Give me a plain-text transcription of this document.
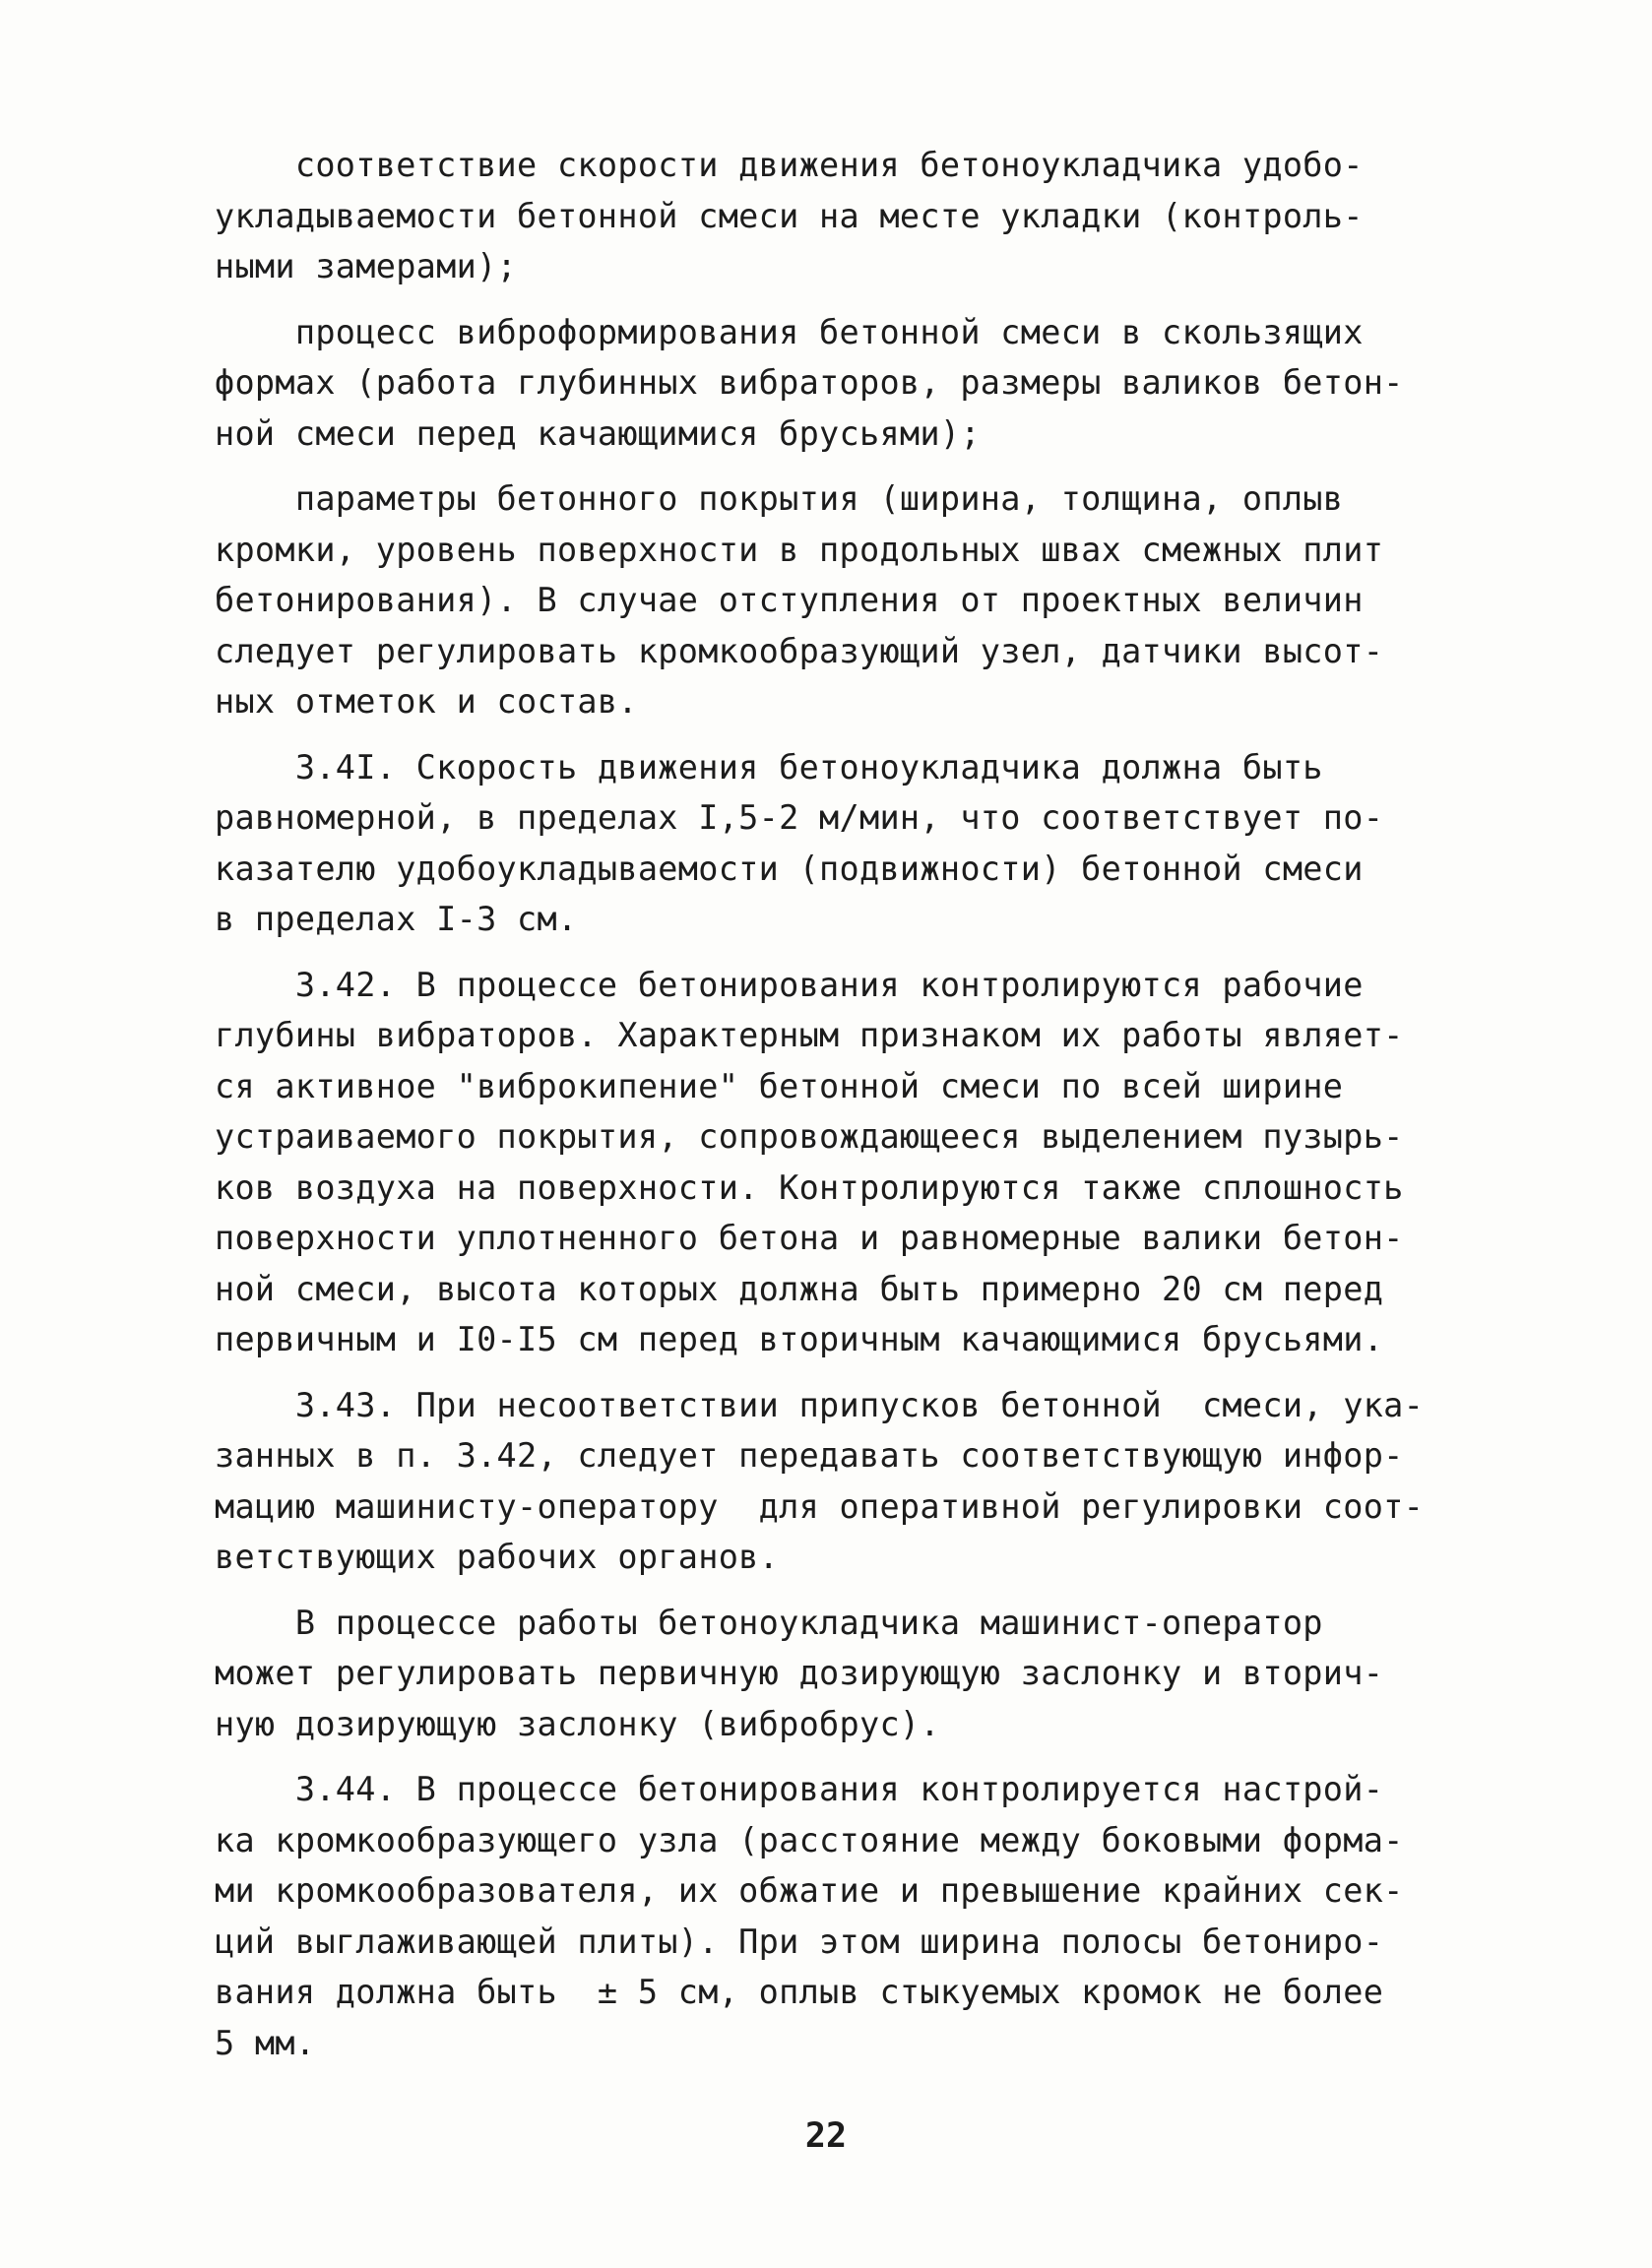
соответствие скорости движения бетоноукладчика удобо-
укладываемости бетонной смеси на месте укладки (контроль-
ными замерами);
процесс виброформирования бетонной смеси в скользящих
формах (работа глубинных вибраторов, размеры валиков бетон-
ной смеси перед качающимися брусьями);
параметры бетонного покрытия (ширина, толщина, оплыв
кромки, уровень поверхности в продольных швах смежных плит
бетонирования). В случае отступления от проектных величин
следует регулировать кромкообразующий узел, датчики высот-
ных отметок и состав.
3.4I. Скорость движения бетоноукладчика должна быть
равномерной, в пределах I,5-2 м/мин, что соответствует по-
казателю удобоукладываемости (подвижности) бетонной смеси
в пределах I-3 см.
3.42. В процессе бетонирования контролируются рабочие
глубины вибраторов. Характерным признаком их работы являет-
ся активное "виброкипение" бетонной смеси по всей ширине
устраиваемого покрытия, сопровождающееся выделением пузырь-
ков воздуха на поверхности. Контролируются также сплошность
поверхности уплотненного бетона и равномерные валики бетон-
ной смеси, высота которых должна быть примерно 20 см перед
первичным и I0-I5 см перед вторичным качающимися брусьями.
3.43. При несоответствии припусков бетонной  смеси, ука-
занных в п. 3.42, следует передавать соответствующую инфор-
мацию машинисту-оператору  для оперативной регулировки соот-
ветствующих рабочих органов.
В процессе работы бетоноукладчика машинист-оператор
может регулировать первичную дозирующую заслонку и вторич-
ную дозирующую заслонку (вибробрус).
3.44. В процессе бетонирования контролируется настрой-
ка кромкообразующего узла (расстояние между боковыми форма-
ми кромкообразователя, их обжатие и превышение крайних сек-
ций выглаживающей плиты). При этом ширина полосы бетониро-
вания должна быть  ± 5 см, оплыв стыкуемых кромок не более
5 мм.
22
